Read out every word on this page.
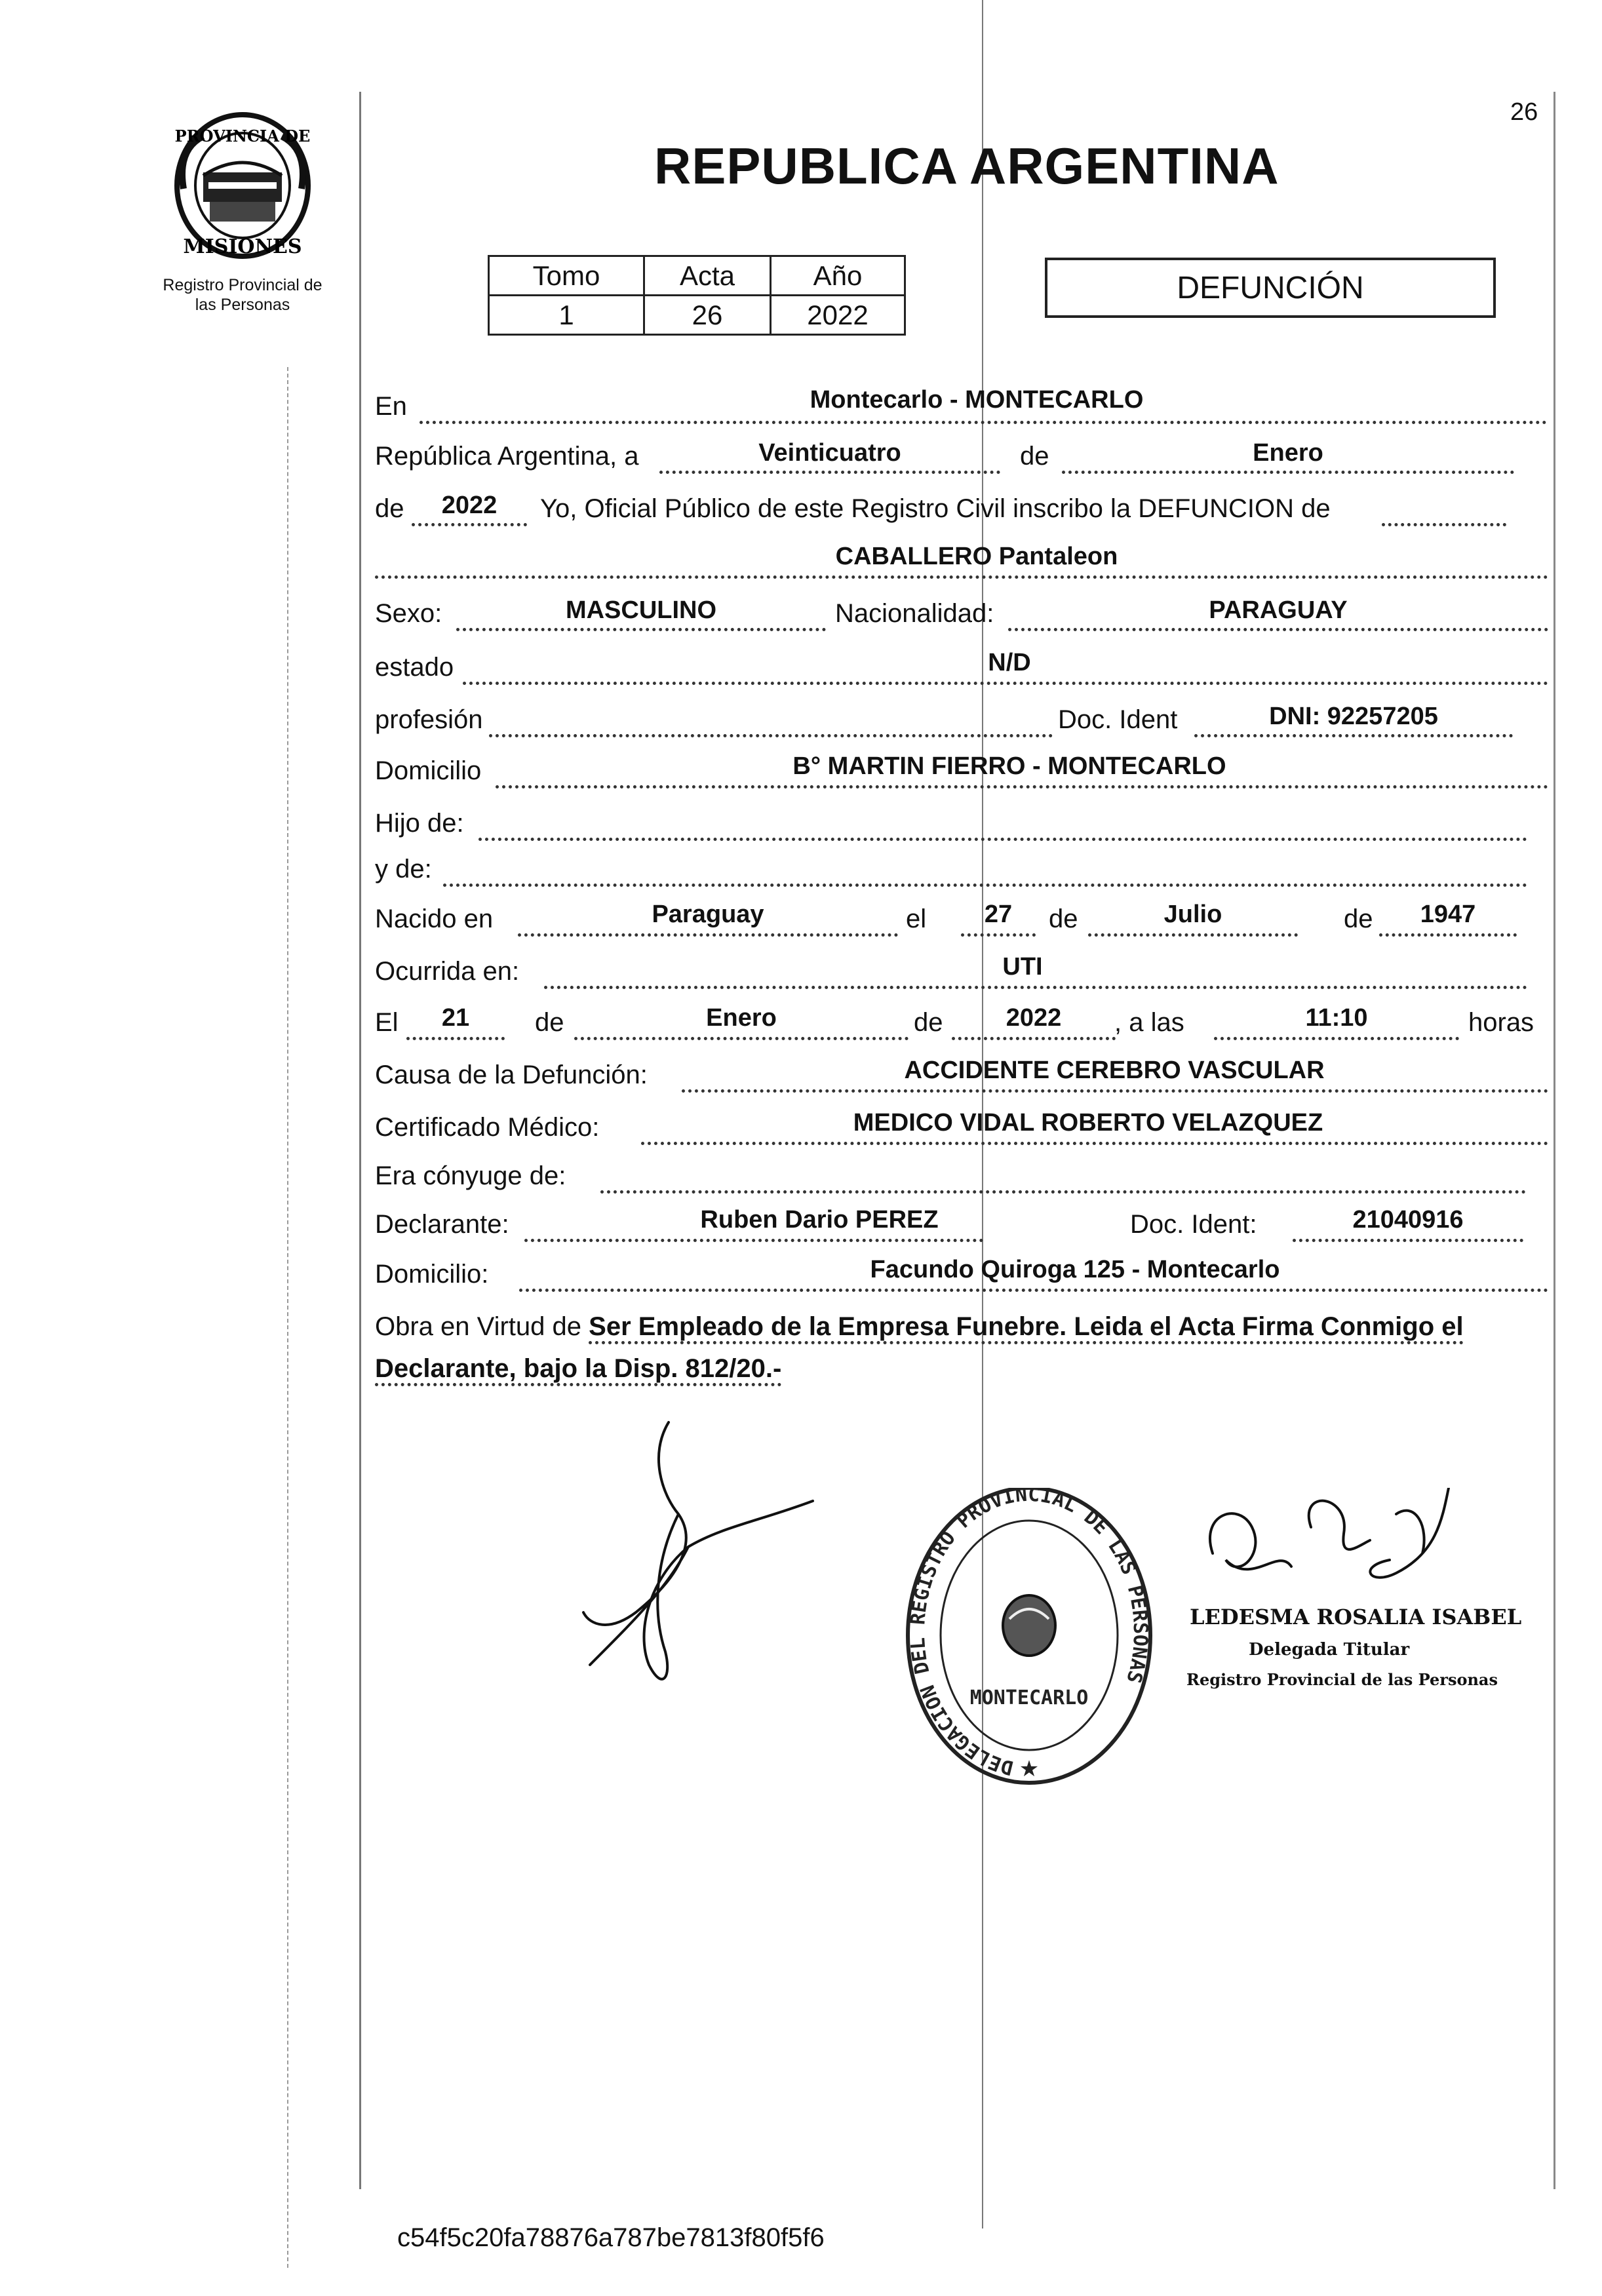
26
PROVINCIA DE
MISIONES
Registro Provincial de
las Personas
REPUBLICA ARGENTINA
Tomo	Acta	Año
1	26	2022
DEFUNCIÓN
En	Montecarlo - MONTECARLO
República Argentina, a	Veinticuatro	de	Enero
de	2022	Yo, Oficial Público de este Registro Civil inscribo la DEFUNCION de
CABALLERO Pantaleon
Sexo:	MASCULINO	Nacionalidad:	PARAGUAY
estado	N/D
profesión	Doc. Ident	DNI: 92257205
Domicilio	B° MARTIN FIERRO - MONTECARLO
Hijo de:
y de:
Nacido en	Paraguay	el	27	de	Julio	de	1947
Ocurrida en:	UTI
El	21	de	Enero	de	2022	, a las	11:10	horas
Causa de la Defunción:	ACCIDENTE CEREBRO VASCULAR
Certificado Médico:	MEDICO VIDAL ROBERTO VELAZQUEZ
Era cónyuge de:
Declarante:	Ruben Dario PEREZ	Doc. Ident:	21040916
Domicilio:	Facundo Quiroga 125 - Montecarlo
Obra en Virtud de Ser Empleado de la Empresa Funebre. Leida el Acta Firma Conmigo el
Declarante, bajo la Disp. 812/20.-
DELEGACION DEL REGISTRO PROVINCIAL DE LAS PERSONAS
MONTECARLO
★
LEDESMA ROSALIA ISABEL
Delegada Titular
Registro Provincial de las Personas
c54f5c20fa78876a787be7813f80f5f6
